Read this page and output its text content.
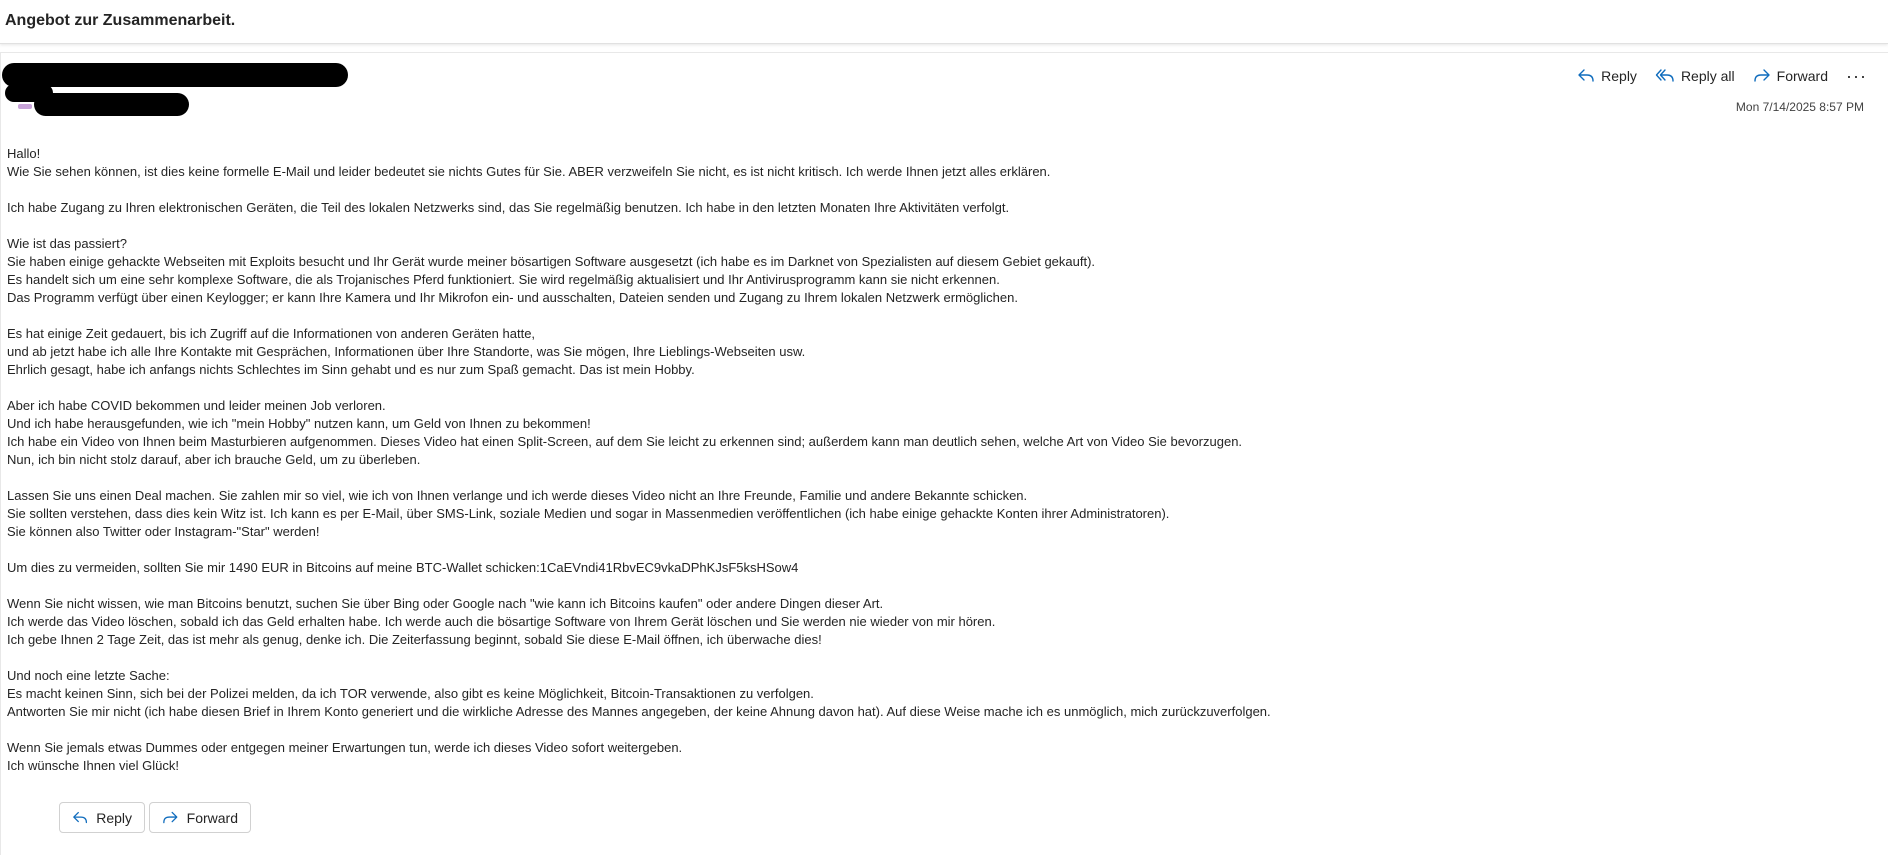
Angebot zur Zusammenarbeit.
Reply	Reply all	Forward ···
Mon 7/14/2025 8:57 PM

Hallo!
Wie Sie sehen können, ist dies keine formelle E-Mail und leider bedeutet sie nichts Gutes für Sie. ABER verzweifeln Sie nicht, es ist nicht kritisch. Ich werde Ihnen jetzt alles erklären.

Ich habe Zugang zu Ihren elektronischen Geräten, die Teil des lokalen Netzwerks sind, das Sie regelmäßig benutzen. Ich habe in den letzten Monaten Ihre Aktivitäten verfolgt.

Wie ist das passiert?
Sie haben einige gehackte Webseiten mit Exploits besucht und Ihr Gerät wurde meiner bösartigen Software ausgesetzt (ich habe es im Darknet von Spezialisten auf diesem Gebiet gekauft).
Es handelt sich um eine sehr komplexe Software, die als Trojanisches Pferd funktioniert. Sie wird regelmäßig aktualisiert und Ihr Antivirusprogramm kann sie nicht erkennen.
Das Programm verfügt über einen Keylogger; er kann Ihre Kamera und Ihr Mikrofon ein- und ausschalten, Dateien senden und Zugang zu Ihrem lokalen Netzwerk ermöglichen.

Es hat einige Zeit gedauert, bis ich Zugriff auf die Informationen von anderen Geräten hatte,
und ab jetzt habe ich alle Ihre Kontakte mit Gesprächen, Informationen über Ihre Standorte, was Sie mögen, Ihre Lieblings-Webseiten usw.
Ehrlich gesagt, habe ich anfangs nichts Schlechtes im Sinn gehabt und es nur zum Spaß gemacht. Das ist mein Hobby.

Aber ich habe COVID bekommen und leider meinen Job verloren.
Und ich habe herausgefunden, wie ich "mein Hobby" nutzen kann, um Geld von Ihnen zu bekommen!
Ich habe ein Video von Ihnen beim Masturbieren aufgenommen. Dieses Video hat einen Split-Screen, auf dem Sie leicht zu erkennen sind; außerdem kann man deutlich sehen, welche Art von Video Sie bevorzugen.
Nun, ich bin nicht stolz darauf, aber ich brauche Geld, um zu überleben.

Lassen Sie uns einen Deal machen. Sie zahlen mir so viel, wie ich von Ihnen verlange und ich werde dieses Video nicht an Ihre Freunde, Familie und andere Bekannte schicken.
Sie sollten verstehen, dass dies kein Witz ist. Ich kann es per E-Mail, über SMS-Link, soziale Medien und sogar in Massenmedien veröffentlichen (ich habe einige gehackte Konten ihrer Administratoren).
Sie können also Twitter oder Instagram-"Star" werden!

Um dies zu vermeiden, sollten Sie mir 1490 EUR in Bitcoins auf meine BTC-Wallet schicken:1CaEVndi41RbvEC9vkaDPhKJsF5ksHSow4

Wenn Sie nicht wissen, wie man Bitcoins benutzt, suchen Sie über Bing oder Google nach "wie kann ich Bitcoins kaufen" oder andere Dingen dieser Art.
Ich werde das Video löschen, sobald ich das Geld erhalten habe. Ich werde auch die bösartige Software von Ihrem Gerät löschen und Sie werden nie wieder von mir hören.
Ich gebe Ihnen 2 Tage Zeit, das ist mehr als genug, denke ich. Die Zeiterfassung beginnt, sobald Sie diese E-Mail öffnen, ich überwache dies!

Und noch eine letzte Sache:
Es macht keinen Sinn, sich bei der Polizei melden, da ich TOR verwende, also gibt es keine Möglichkeit, Bitcoin-Transaktionen zu verfolgen.
Antworten Sie mir nicht (ich habe diesen Brief in Ihrem Konto generiert und die wirkliche Adresse des Mannes angegeben, der keine Ahnung davon hat). Auf diese Weise mache ich es unmöglich, mich zurückzuverfolgen.

Wenn Sie jemals etwas Dummes oder entgegen meiner Erwartungen tun, werde ich dieses Video sofort weitergeben.
Ich wünsche Ihnen viel Glück!

Reply	Forward
